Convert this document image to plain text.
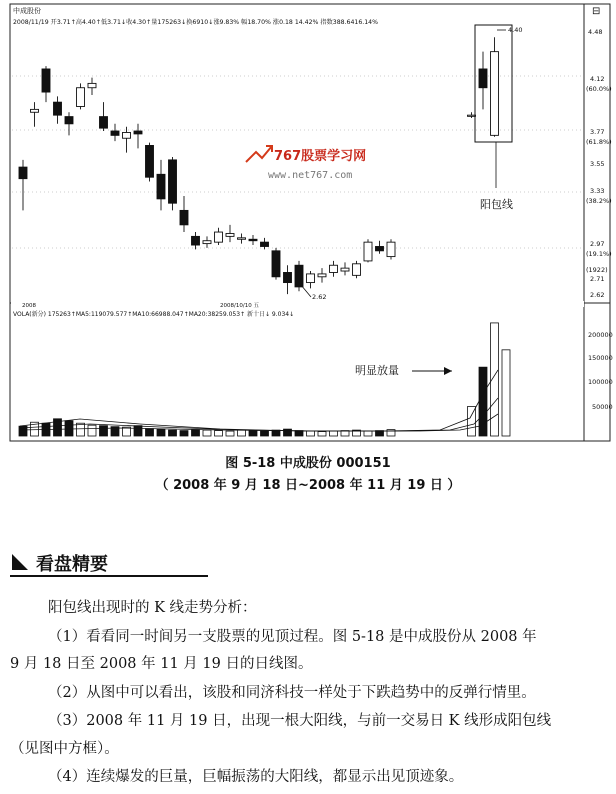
中成股份
2008/11/19 开3.71↑高4.40↑低3.71↓收4.30↑量175263↓换6910↓涨9.83% 幅18.70% 涨0.18 14.42% 指数388.6416.14%
⊟
4.48
4.12
(60.0%)
3.77
(61.8%)
3.55
3.33
(38.2%)
2.97
(19.1%)
(1922)
2.71
2.62
2.62
4.40
阳包线
767股票学习网
www.net767.com
2008	2008/10/10 五
VOLA(新分) 175263↑MA5:119079.577↑MA10:66988.047↑MA20:38259.053↑ 新十日↓ 9.034↓
200000
150000
100000
50000
明显放量
图 5-18 中成股份 000151
（ 2008 年 9 月 18 日~2008 年 11 月 19 日 ）
看盘精要
阳包线出现时的 K 线走势分析：
（1）看看同一时间另一支股票的见顶过程。图 5-18 是中成股份从 2008 年
9 月 18 日至 2008 年 11 月 19 日的日线图。
（2）从图中可以看出，该股和同济科技一样处于下跌趋势中的反弹行情里。
（3）2008 年 11 月 19 日，出现一根大阳线，与前一交易日 K 线形成阳包线
（见图中方框）。
（4）连续爆发的巨量，巨幅振荡的大阳线，都显示出见顶迹象。
